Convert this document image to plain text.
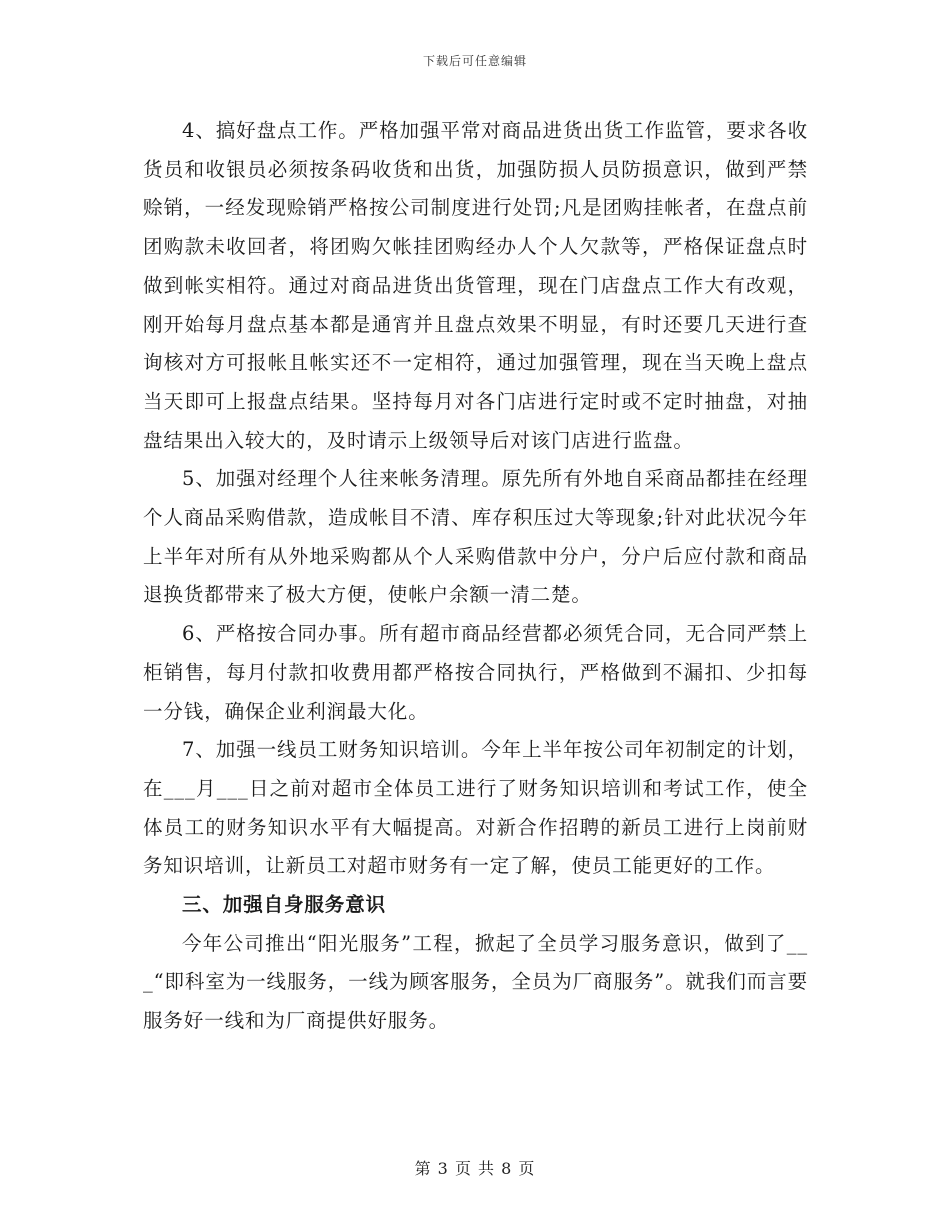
下载后可任意编辑

4、搞好盘点工作。严格加强平常对商品进货出货工作监管，要求各收货员和收银员必须按条码收货和出货，加强防损人员防损意识，做到严禁赊销，一经发现赊销严格按公司制度进行处罚;凡是团购挂帐者，在盘点前团购款未收回者，将团购欠帐挂团购经办人个人欠款等，严格保证盘点时做到帐实相符。通过对商品进货出货管理，现在门店盘点工作大有改观，刚开始每月盘点基本都是通宵并且盘点效果不明显，有时还要几天进行查询核对方可报帐且帐实还不一定相符，通过加强管理，现在当天晚上盘点当天即可上报盘点结果。坚持每月对各门店进行定时或不定时抽盘，对抽盘结果出入较大的，及时请示上级领导后对该门店进行监盘。

5、加强对经理个人往来帐务清理。原先所有外地自采商品都挂在经理个人商品采购借款，造成帐目不清、库存积压过大等现象;针对此状况今年上半年对所有从外地采购都从个人采购借款中分户，分户后应付款和商品退换货都带来了极大方便，使帐户余额一清二楚。

6、严格按合同办事。所有超市商品经营都必须凭合同，无合同严禁上柜销售，每月付款扣收费用都严格按合同执行，严格做到不漏扣、少扣每一分钱，确保企业利润最大化。

7、加强一线员工财务知识培训。今年上半年按公司年初制定的计划，在___月___日之前对超市全体员工进行了财务知识培训和考试工作，使全体员工的财务知识水平有大幅提高。对新合作招聘的新员工进行上岗前财务知识培训，让新员工对超市财务有一定了解，使员工能更好的工作。

三、加强自身服务意识

今年公司推出“阳光服务”工程，掀起了全员学习服务意识，做到了___“即科室为一线服务，一线为顾客服务，全员为厂商服务”。就我们而言要服务好一线和为厂商提供好服务。

第 3 页 共 8 页
